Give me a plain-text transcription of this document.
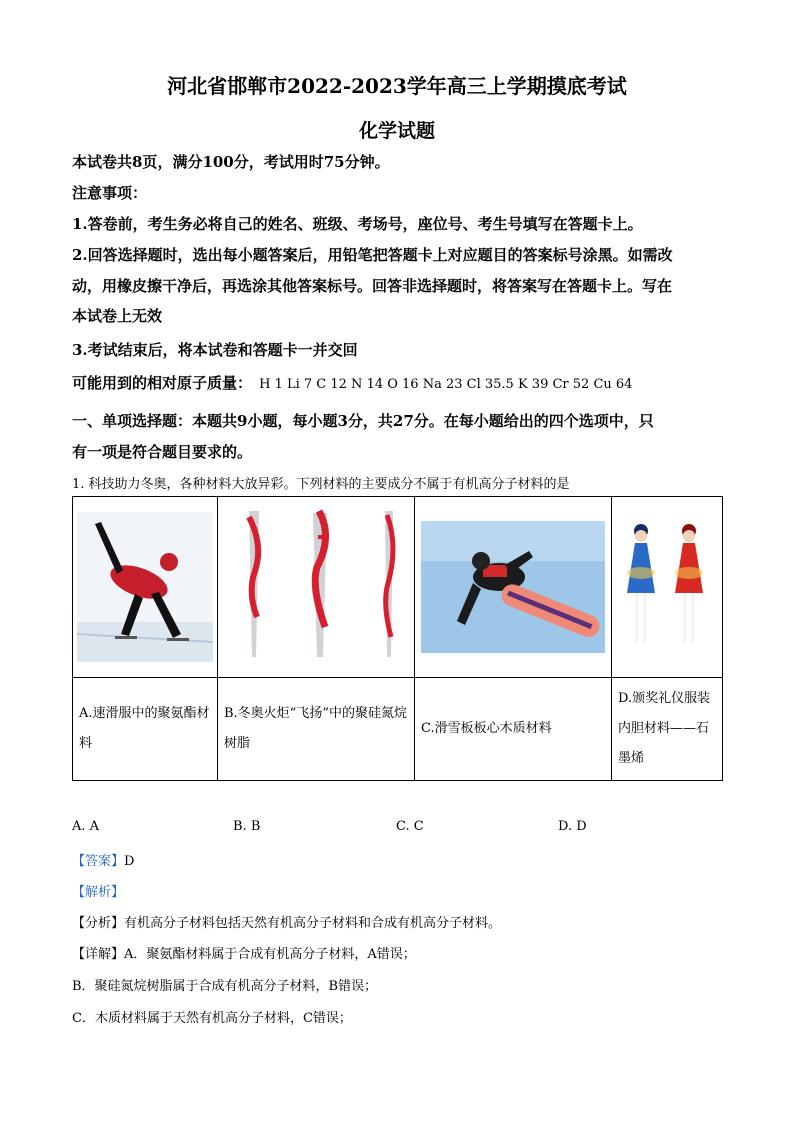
河北省邯郸市2022-2023学年高三上学期摸底考试
化学试题
本试卷共8页，满分100分，考试用时75分钟。
注意事项：
1.答卷前，考生务必将自己的姓名、班级、考场号，座位号、考生号填写在答题卡上。
2.回答选择题时，选出每小题答案后，用铅笔把答题卡上对应题目的答案标号涂黑。如需改
动，用橡皮擦干净后，再选涂其他答案标号。回答非选择题时，将答案写在答题卡上。写在
本试卷上无效
3.考试结束后，将本试卷和答题卡一并交回
可能用到的相对原子质量： H 1 Li 7 C 12 N 14 O 16 Na 23 Cl 35.5 K 39 Cr 52 Cu 64
一、单项选择题：本题共9小题，每小题3分，共27分。在每小题给出的四个选项中，只
有一项是符合题目要求的。
1. 科技助力冬奥，各种材料大放异彩。下列材料的主要成分不属于有机高分子材料的是

A.速滑服中的聚氨酯材料	B.冬奥火炬“飞扬”中的聚硅氮烷树脂	C.滑雪板板心木质材料	D.颁奖礼仪服装内胆材料——石墨烯
A. A	B. B	C. C	D. D
【答案】D
【解析】
【分析】有机高分子材料包括天然有机高分子材料和合成有机高分子材料。
【详解】A．聚氨酯材料属于合成有机高分子材料，A错误；
B．聚硅氮烷树脂属于合成有机高分子材料，B错误；
C．木质材料属于天然有机高分子材料，C错误；
